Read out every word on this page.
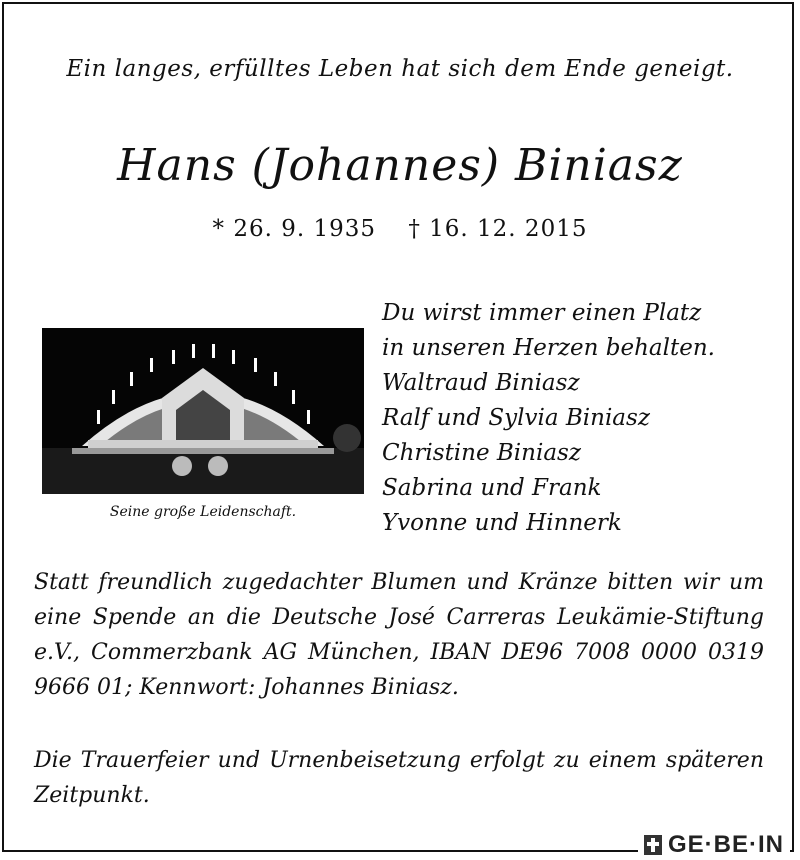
Ein langes, erfülltes Leben hat sich dem Ende geneigt.
Hans (Johannes) Biniasz
* 26. 9. 1935 † 16. 12. 2015
Seine große Leidenschaft.
Du wirst immer einen Platz
in unseren Herzen behalten.
Waltraud Biniasz
Ralf und Sylvia Biniasz
Christine Biniasz
Sabrina und Frank
Yvonne und Hinnerk
Statt freundlich zugedachter Blumen und Kränze bitten wir um eine Spende an die Deutsche José Carreras Leukämie-Stiftung e.V., Commerzbank AG München, IBAN DE96 7008 0000 0319 9666 01; Kennwort: Johannes Biniasz.
Die Trauerfeier und Urnenbeisetzung erfolgt zu einem späteren Zeitpunkt.
GE·BE·IN
